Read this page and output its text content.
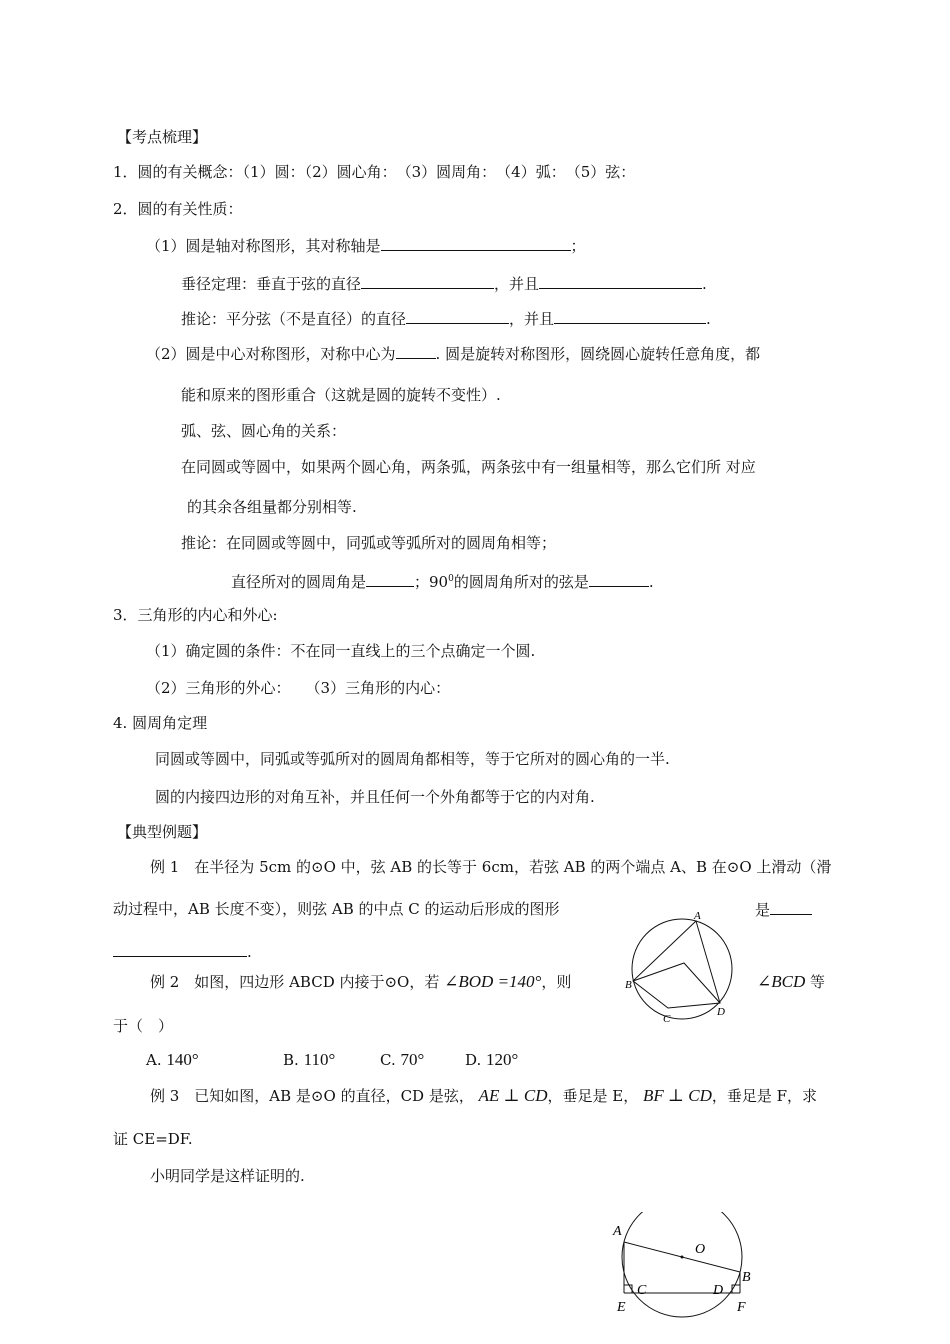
【考点梳理】
1．圆的有关概念：（1）圆：（2）圆心角：　（3）圆周角：　（4）弧：　（5）弦：
2．圆的有关性质：
（1）圆是轴对称图形，其对称轴是	；
垂径定理：垂直于弦的直径	，并且	.
推论：平分弦（不是直径）的直径	，并且	.
（2）圆是中心对称图形，对称中心为	. 圆是旋转对称图形，圆绕圆心旋转任意角度，都
能和原来的图形重合（这就是圆的旋转不变性）.
弧、弦、圆心角的关系：
在同圆或等圆中，如果两个圆心角，两条弧，两条弦中有一组量相等，那么它们所 对应
的其余各组量都分别相等.
推论：在同圆或等圆中，同弧或等弧所对的圆周角相等；
直径所对的圆周角是	；$90^0$的圆周角所对的弦是	.
3．三角形的内心和外心:
（1）确定圆的条件：不在同一直线上的三个点确定一个圆.
（2）三角形的外心：　　（3）三角形的内心：
4. 圆周角定理
同圆或等圆中，同弧或等弧所对的圆周角都相等，等于它所对的圆心角的一半.
圆的内接四边形的对角互补，并且任何一个外角都等于它的内对角.
【典型例题】
例 1　在半径为 5cm 的⊙O 中，弦 AB 的长等于 6cm，若弦 AB 的两个端点 A、B 在⊙O 上滑动（滑
动过程中，AB 长度不变），则弦 AB 的中点 C 的运动后形成的图形	是
.
例 2　如图，四边形 ABCD 内接于⊙O，若 ∠BOD =140°，则	∠BCD 等
于（　）
A. 140°	B. 110°	C. 70°	D. 120°
例 3　已知如图，AB 是⊙O 的直径，CD 是弦， AE ⊥ CD，垂足是 E， BF ⊥ CD，垂足是 F，求
证 CE=DF.
小明同学是这样证明的.
A
B
C
D
A
O
B
C	D
E	F
